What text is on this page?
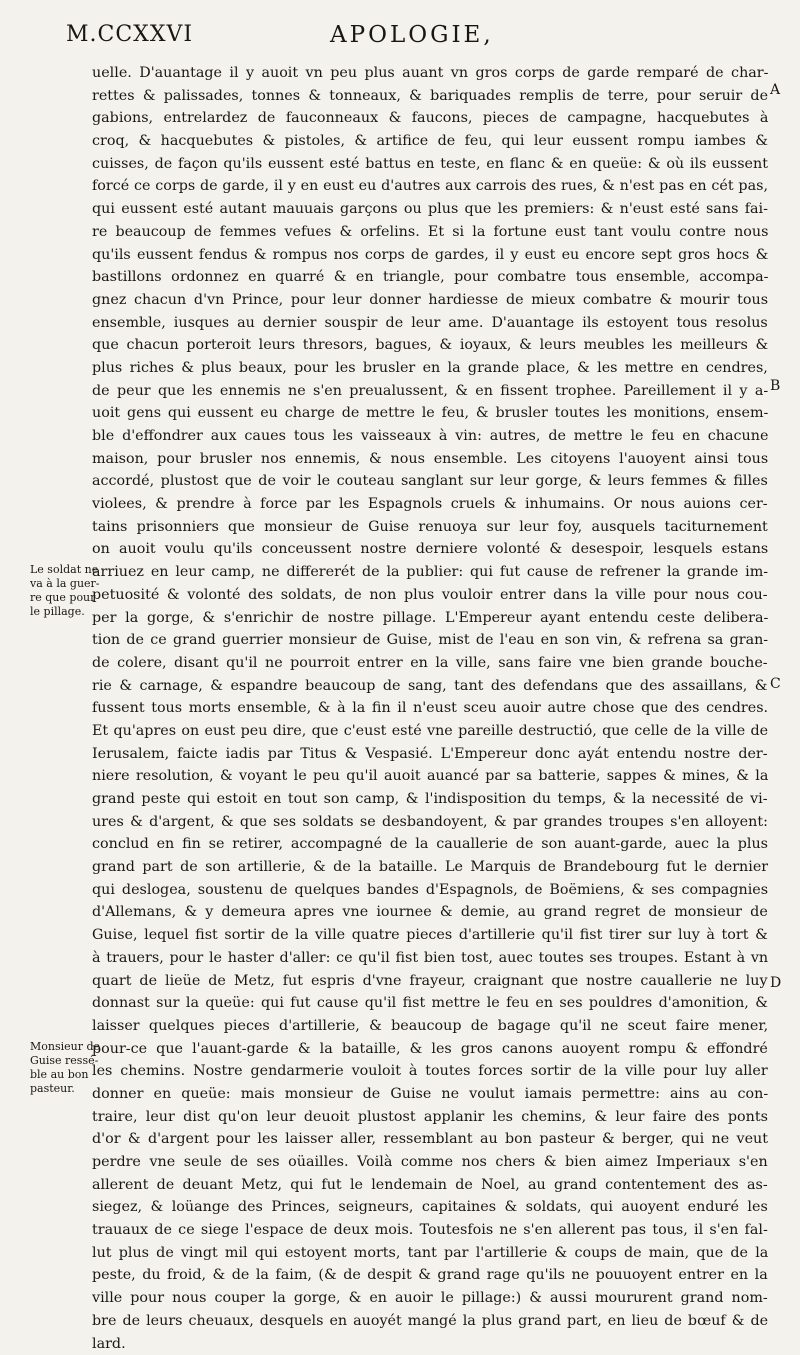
M.CCXXVI	APOLOGIE,
uelle. D'auantage il y auoit vn peu plus auant vn gros corps de garde remparé de char-
rettes & palissades, tonnes & tonneaux, & bariquades remplis de terre, pour seruir de
gabions, entrelardez de fauconneaux & faucons, pieces de campagne, hacquebutes à
croq, & hacquebutes & pistoles, & artifice de feu, qui leur eussent rompu iambes &
cuisses, de façon qu'ils eussent esté battus en teste, en flanc & en queüe: & où ils eussent
forcé ce corps de garde, il y en eust eu d'autres aux carrois des rues, & n'est pas en cét pas,
qui eussent esté autant mauuais garçons ou plus que les premiers: & n'eust esté sans fai-
re beaucoup de femmes vefues & orfelins. Et si la fortune eust tant voulu contre nous
qu'ils eussent fendus & rompus nos corps de gardes, il y eust eu encore sept gros hocs &
bastillons ordonnez en quarré & en triangle, pour combatre tous ensemble, accompa-
gnez chacun d'vn Prince, pour leur donner hardiesse de mieux combatre & mourir tous
ensemble, iusques au dernier souspir de leur ame. D'auantage ils estoyent tous resolus
que chacun porteroit leurs thresors, bagues, & ioyaux, & leurs meubles les meilleurs &
plus riches & plus beaux, pour les brusler en la grande place, & les mettre en cendres,
de peur que les ennemis ne s'en preualussent, & en fissent trophee. Pareillement il y a-
uoit gens qui eussent eu charge de mettre le feu, & brusler toutes les monitions, ensem-
ble d'effondrer aux caues tous les vaisseaux à vin: autres, de mettre le feu en chacune
maison, pour brusler nos ennemis, & nous ensemble. Les citoyens l'auoyent ainsi tous
accordé, plustost que de voir le couteau sanglant sur leur gorge, & leurs femmes & filles
violees, & prendre à force par les Espagnols cruels & inhumains. Or nous auions cer-
tains prisonniers que monsieur de Guise renuoya sur leur foy, ausquels taciturnement
on auoit voulu qu'ils conceussent nostre derniere volonté & desespoir, lesquels estans
arriuez en leur camp, ne differerét de la publier: qui fut cause de refrener la grande im-
petuosité & volonté des soldats, de non plus vouloir entrer dans la ville pour nous cou-
per la gorge, & s'enrichir de nostre pillage. L'Empereur ayant entendu ceste delibera-
tion de ce grand guerrier monsieur de Guise, mist de l'eau en son vin, & refrena sa gran-
de colere, disant qu'il ne pourroit entrer en la ville, sans faire vne bien grande bouche-
rie & carnage, & espandre beaucoup de sang, tant des defendans que des assaillans, &
fussent tous morts ensemble, & à la fin il n'eust sceu auoir autre chose que des cendres.
Et qu'apres on eust peu dire, que c'eust esté vne pareille destructió, que celle de la ville de
Ierusalem, faicte iadis par Titus & Vespasié. L'Empereur donc ayát entendu nostre der-
niere resolution, & voyant le peu qu'il auoit auancé par sa batterie, sappes & mines, & la
grand peste qui estoit en tout son camp, & l'indisposition du temps, & la necessité de vi-
ures & d'argent, & que ses soldats se desbandoyent, & par grandes troupes s'en alloyent:
conclud en fin se retirer, accompagné de la cauallerie de son auant-garde, auec la plus
grand part de son artillerie, & de la bataille. Le Marquis de Brandebourg fut le dernier
qui deslogea, soustenu de quelques bandes d'Espagnols, de Boëmiens, & ses compagnies
d'Allemans, & y demeura apres vne iournee & demie, au grand regret de monsieur de
Guise, lequel fist sortir de la ville quatre pieces d'artillerie qu'il fist tirer sur luy à tort &
à trauers, pour le haster d'aller: ce qu'il fist bien tost, auec toutes ses troupes. Estant à vn
quart de lieüe de Metz, fut espris d'vne frayeur, craignant que nostre cauallerie ne luy
donnast sur la queüe: qui fut cause qu'il fist mettre le feu en ses pouldres d'amonition, &
laisser quelques pieces d'artillerie, & beaucoup de bagage qu'il ne sceut faire mener,
pour-ce que l'auant-garde & la bataille, & les gros canons auoyent rompu & effondré
les chemins. Nostre gendarmerie vouloit à toutes forces sortir de la ville pour luy aller
donner en queüe: mais monsieur de Guise ne voulut iamais permettre: ains au con-
traire, leur dist qu'on leur deuoit plustost applanir les chemins, & leur faire des ponts
d'or & d'argent pour les laisser aller, ressemblant au bon pasteur & berger, qui ne veut
perdre vne seule de ses oüailles. Voilà comme nos chers & bien aimez Imperiaux s'en
allerent de deuant Metz, qui fut le lendemain de Noel, au grand contentement des as-
siegez, & loüange des Princes, seigneurs, capitaines & soldats, qui auoyent enduré les
trauaux de ce siege l'espace de deux mois. Toutesfois ne s'en allerent pas tous, il s'en fal-
lut plus de vingt mil qui estoyent morts, tant par l'artillerie & coups de main, que de la
peste, du froid, & de la faim, (& de despit & grand rage qu'ils ne pouuoyent entrer en la
ville pour nous couper la gorge, & en auoir le pillage:) & aussi moururent grand nom-
bre de leurs cheuaux, desquels en auoyét mangé la plus grand part, en lieu de bœuf & de
lard.
Le soldat ne
va à la guer-
re que pour
le pillage.
Monsieur de
Guise ressé-
ble au bon
pasteur.
A
B
C
D
